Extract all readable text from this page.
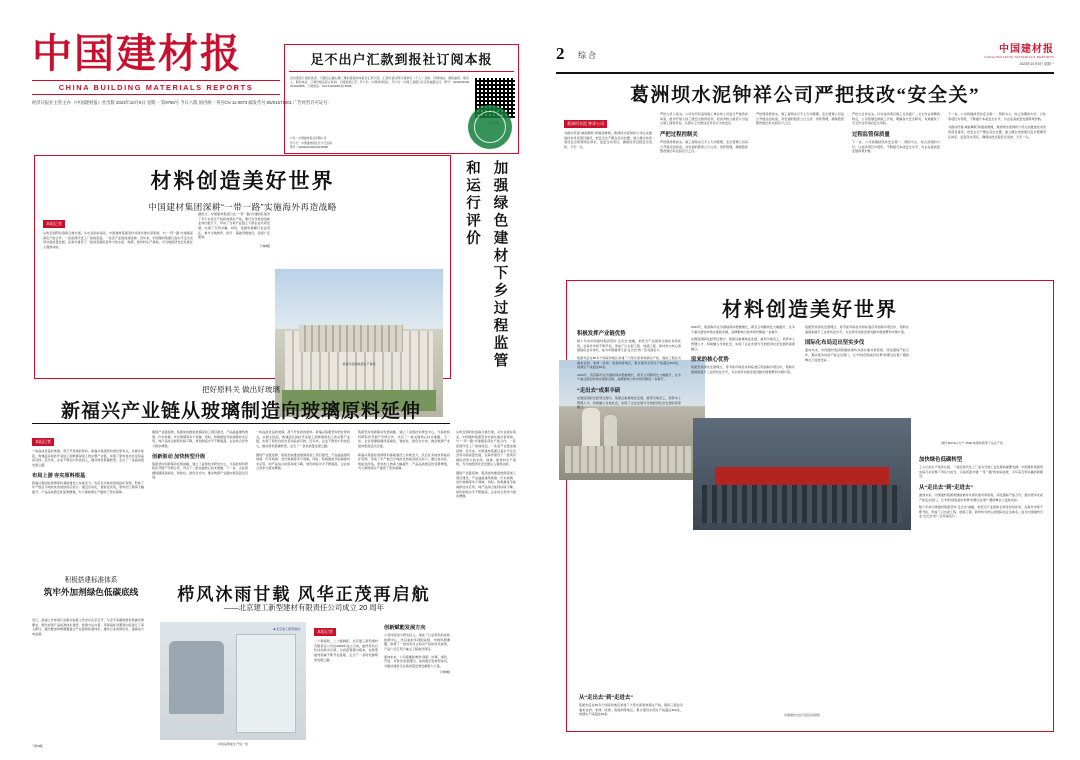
中国建材报
CHINA BUILDING MATERIALS REPORTS
经济日报社主管主办 《中国建材报》社出版 2023年10月8日 星期一 第9786号 今日八版 国内统一刊号CN 11-0073 邮发代号:05/01571801 广告经营许可证号:
足不出户汇款到报社订阅本报
会员阅读订阅的读者，可通过扫描右侧二维码直接向本报社汇款订阅，汇款时请注明订阅单位（个人）名称、详细地址、邮政编码、联系人、联系电话、订阅份数及起止时间。订阅款请汇至：开户名：中国建材报社；开户行：中国工商银行北京阜成路支行；账号：0200004109014440585。订阅电话：010-51164666 转 8008。
户名：中国建材报社有限公司
开户行：中国建材报社开户行名称
账号：0200001400014440585
材料创造美好世界
中国建材集团深耕“一带一路”实施海外再造战略
本报记者
从埃及到阿拉伯联合酋长国，从中亚到东南亚，中国建材集团坚持共商共建共享原则，与“一带一路”共建国家深化产能合作，一座座现代化工厂拔地而起，一条条产业链加速延伸。近年来，中国建材集团以高水平走出去带动高质量发展，在海外建设了一批具有国际竞争力的水泥、玻璃、新材料生产基地，为当地经济社会发展注入强劲动能。
据统计，中国建材集团已在“一带一路”共建国家建设了多个水泥生产线和玻璃生产线，累计为当地创造就业岗位数万个，带动了当地产业链上下游企业共同发展，实现了互利共赢。同时，集团积极履行社会责任，参与当地教育、医疗、基础设施建设，受到广泛赞誉。
下转8版
某海外高端玻璃生产基地	加强绿色建材下乡过程监管和运行评价
把好原料关 做出好玻璃
新福兴产业链从玻璃制造向玻璃原料延伸
本报记者
一块品质优良的玻璃，离不开优质的原料。新福兴集团坚持把好原料关，从源头抓起，构建起从硅砂开采加工到玻璃深加工的完整产业链，实现了原料自给自足和品质可控。近年来，企业不断加大科技投入，推动绿色低碳转型，走出了一条高质量发展之路。
布局上游 夯实原料根基
新福兴集团在玻璃原料基地建设上持续发力，先后在多地布局硅砂矿资源，形成了年产数百万吨的优质硅砂供应能力。通过自动化、智能化改造，原料加工效率大幅提升，产品品质稳定性显著增强，为下游玻璃生产提供了坚实保障。
围绕产业链延伸，集团加快推进玻璃深加工项目建设，产品涵盖建筑玻璃、汽车玻璃、光伏玻璃等多个领域。同时，积极推进节能减排技术应用，吨产品综合能耗持续下降，绿色制造水平不断提高，企业综合竞争力稳步增强。
创新驱动 加快转型升级
集团坚持创新驱动发展战略，建立了省级技术研发中心，与高校和科研院所开展产学研合作，攻克了一批关键核心技术难题。下一步，企业将继续围绕高端化、智能化、绿色化方向，推动玻璃产业链向更高层次迈进。
一块品质优良的玻璃，离不开优质的原料。新福兴集团坚持把好原料关，从源头抓起，构建起从硅砂开采加工到玻璃深加工的完整产业链，实现了原料自给自足和品质可控。近年来，企业不断加大科技投入，推动绿色低碳转型，走出了一条高质量发展之路。
围绕产业链延伸，集团加快推进玻璃深加工项目建设，产品涵盖建筑玻璃、汽车玻璃、光伏玻璃等多个领域。同时，积极推进节能减排技术应用，吨产品综合能耗持续下降，绿色制造水平不断提高，企业综合竞争力稳步增强。
集团坚持创新驱动发展战略，建立了省级技术研发中心，与高校和科研院所开展产学研合作，攻克了一批关键核心技术难题。下一步，企业将继续围绕高端化、智能化、绿色化方向，推动玻璃产业链向更高层次迈进。
新福兴集团在玻璃原料基地建设上持续发力，先后在多地布局硅砂矿资源，形成了年产数百万吨的优质硅砂供应能力。通过自动化、智能化改造，原料加工效率大幅提升，产品品质稳定性显著增强，为下游玻璃生产提供了坚实保障。
从埃及到阿拉伯联合酋长国，从中亚到东南亚，中国建材集团坚持共商共建共享原则，与“一带一路”共建国家深化产能合作，一座座现代化工厂拔地而起，一条条产业链加速延伸。近年来，中国建材集团以高水平走出去带动高质量发展，在海外建设了一批具有国际竞争力的水泥、玻璃、新材料生产基地，为当地经济社会发展注入强劲动能。
围绕产业链延伸，集团加快推进玻璃深加工项目建设，产品涵盖建筑玻璃、汽车玻璃、光伏玻璃等多个领域。同时，积极推进节能减排技术应用，吨产品综合能耗持续下降，绿色制造水平不断提高，企业综合竞争力稳步增强。
积极搭建标准体系
筑牢外加剂绿色低碳底线
近日，混凝土外加剂行业相关标准工作会议在京召开，与会专家围绕绿色低碳发展要求，就外加剂产品标准体系建设、检测方法完善、环保指标设置等内容进行了深入研讨，提出要加快构建覆盖全产业链的标准体系，推动行业向绿色化、高端化方向发展。
下转3版
栉风沐雨甘载 风华正茂再启航
——北京建工新型建材有限责任公司成立 20 周年
■ 北京建工新型建材
实验室智能生产线一角
本报记者
二十载春秋，二十载耕耘。北京建工新型建材有限责任公司自2003年成立以来，始终坚持以科技创新为引领，以质量管理为根本，在新型建材领域不断开拓进取，走出了一条特色鲜明的发展之路。
创新赋能发展方向
公司持续加大研发投入，建成了行业领先的实验检测中心，先后承担多项国家级、市级科研课题，取得了一批具有自主知识产权的技术成果，产品广泛应用于重点工程建设项目。
面向未来，公司将继续秉承“创新、协调、绿色、开放、共享”的发展理念，加快数字化转型步伐，为推动建材行业高质量发展贡献更大力量。
下转8版
2 综合
中国建材报
CHINA BUILDING MATERIALS REPORTS
2023年10月8日 星期一
葛洲坝水泥钟祥公司严把技改“安全关”
葛洲坝水泥 钟祥公司
为推动设备“减能降耗”和提质增效，葛洲坝水泥钟祥公司扎实推进技术改造项目建设，把安全生产摆在突出位置，建立健全技改项目安全管理责任体系，层层压实责任，确保技改过程安全受控、万无一失。
严把人员入场关。公司对所有进场施工单位和人员进行严格资质审查，组织开展入场三级安全教育培训，培训考核合格后方可进入施工现场作业，从源头上杜绝违章作业行为的发生。
严把过程控制关
严把现场管控关。施工现场实行专人专岗管理，安全管理人员每日开展巡回检查，对发现的隐患立行立改、闭环管理，确保隐患整改到位率达到百分之百。
严把现场管控关。施工现场实行专人专岗管理，安全管理人员每日开展巡回检查，对发现的隐患立行立改、闭环管理，确保隐患整改到位率达到百分之百。
严把交叉作业关。针对技改项目施工点多面广、交叉作业频繁的特点，公司统筹安排施工计划，明确各方安全职责，有效避免了交叉作业带来的安全风险。
过程监管保质量
下一步，公司将继续坚持安全第一、预防为主、综合治理的方针，以技改项目为契机，不断提升本质安全水平，为企业高质量发展保驾护航。
下一步，公司将继续坚持安全第一、预防为主、综合治理的方针，以技改项目为契机，不断提升本质安全水平，为企业高质量发展保驾护航。
为推动设备“减能降耗”和提质增效，葛洲坝水泥钟祥公司扎实推进技术改造项目建设，把安全生产摆在突出位置，建立健全技改项目安全管理责任体系，层层压实责任，确保技改过程安全受控、万无一失。
材料创造美好世界
钟祥 BAYAH 生产 2500 吨熟料新型干法生产线
中国建材文化交流活动现场
积极发挥产业链优势
数十年来中国建材集团坚持“走出去”战略，依托全产业链和全球化布局优势，在海外市场不断开拓，形成了以水泥工程、玻璃工程、新材料为核心的国际化业务体系，成为中国建材行业“走出去”的一张亮丽名片。
集团先后在60多个国家和地区承建了大型水泥和玻璃生产线，国际工程业务遍布亚洲、非洲、欧洲、南美洲等地区，累计建设水泥生产线超过300条，玻璃生产线超过60条。
2023年，集团海外业务继续保持稳健增长，新签合同额同比大幅提升，在多个重点国别市场实现新突破，品牌影响力和市场份额进一步提升。
“走出去”成果丰硕
在推进国际化经营过程中，集团注重属地化发展，雇用当地员工，培养本土管理人才，积极融入当地社会，实现了企业发展与当地经济社会发展的深度融合。
2023年，集团海外业务继续保持稳健增长，新签合同额同比大幅提升，在多个重点国别市场实现新突破，品牌影响力和市场份额进一步提升。
在推进国际化经营过程中，集团注重属地化发展，雇用当地员工，培养本土管理人才，积极融入当地社会，实现了企业发展与当地经济社会发展的深度融合。
原来的核心优势
集团坚持绿色发展理念，将节能环保技术和标准应用到海外项目中，帮助共建国家提升工业绿色化水平，为全球可持续发展贡献中国智慧和中国方案。
集团坚持绿色发展理念，将节能环保技术和标准应用到海外项目中，帮助共建国家提升工业绿色化水平，为全球可持续发展贡献中国智慧和中国方案。
国际化布局迈出坚实步伐
面向未来，中国建材集团将继续秉持共商共建共享原则，深化国际产能合作，推动更多优质产能走出国门，让“材料创造美好世界”的理念在更广阔的舞台上绽放光彩。
加快绿色低碳转型
工人们在生产线旁忙碌，一座座现代化工厂成为当地工业发展的重要支撑。中国建材集团用实际行动诠释了责任与担当，以高质量共建“一带一路”的实际成效，书写着互利共赢的新篇章。
从“走出去”到“走进去”
面向未来，中国建材集团将继续秉持共商共建共享原则，深化国际产能合作，推动更多优质产能走出国门，让“材料创造美好世界”的理念在更广阔的舞台上绽放光彩。
数十年来中国建材集团坚持“走出去”战略，依托全产业链和全球化布局优势，在海外市场不断开拓，形成了以水泥工程、玻璃工程、新材料为核心的国际化业务体系，成为中国建材行业“走出去”的一张亮丽名片。
从“走出去”到“走进去”
集团先后在60多个国家和地区承建了大型水泥和玻璃生产线，国际工程业务遍布亚洲、非洲、欧洲、南美洲等地区，累计建设水泥生产线超过300条，玻璃生产线超过60条。
